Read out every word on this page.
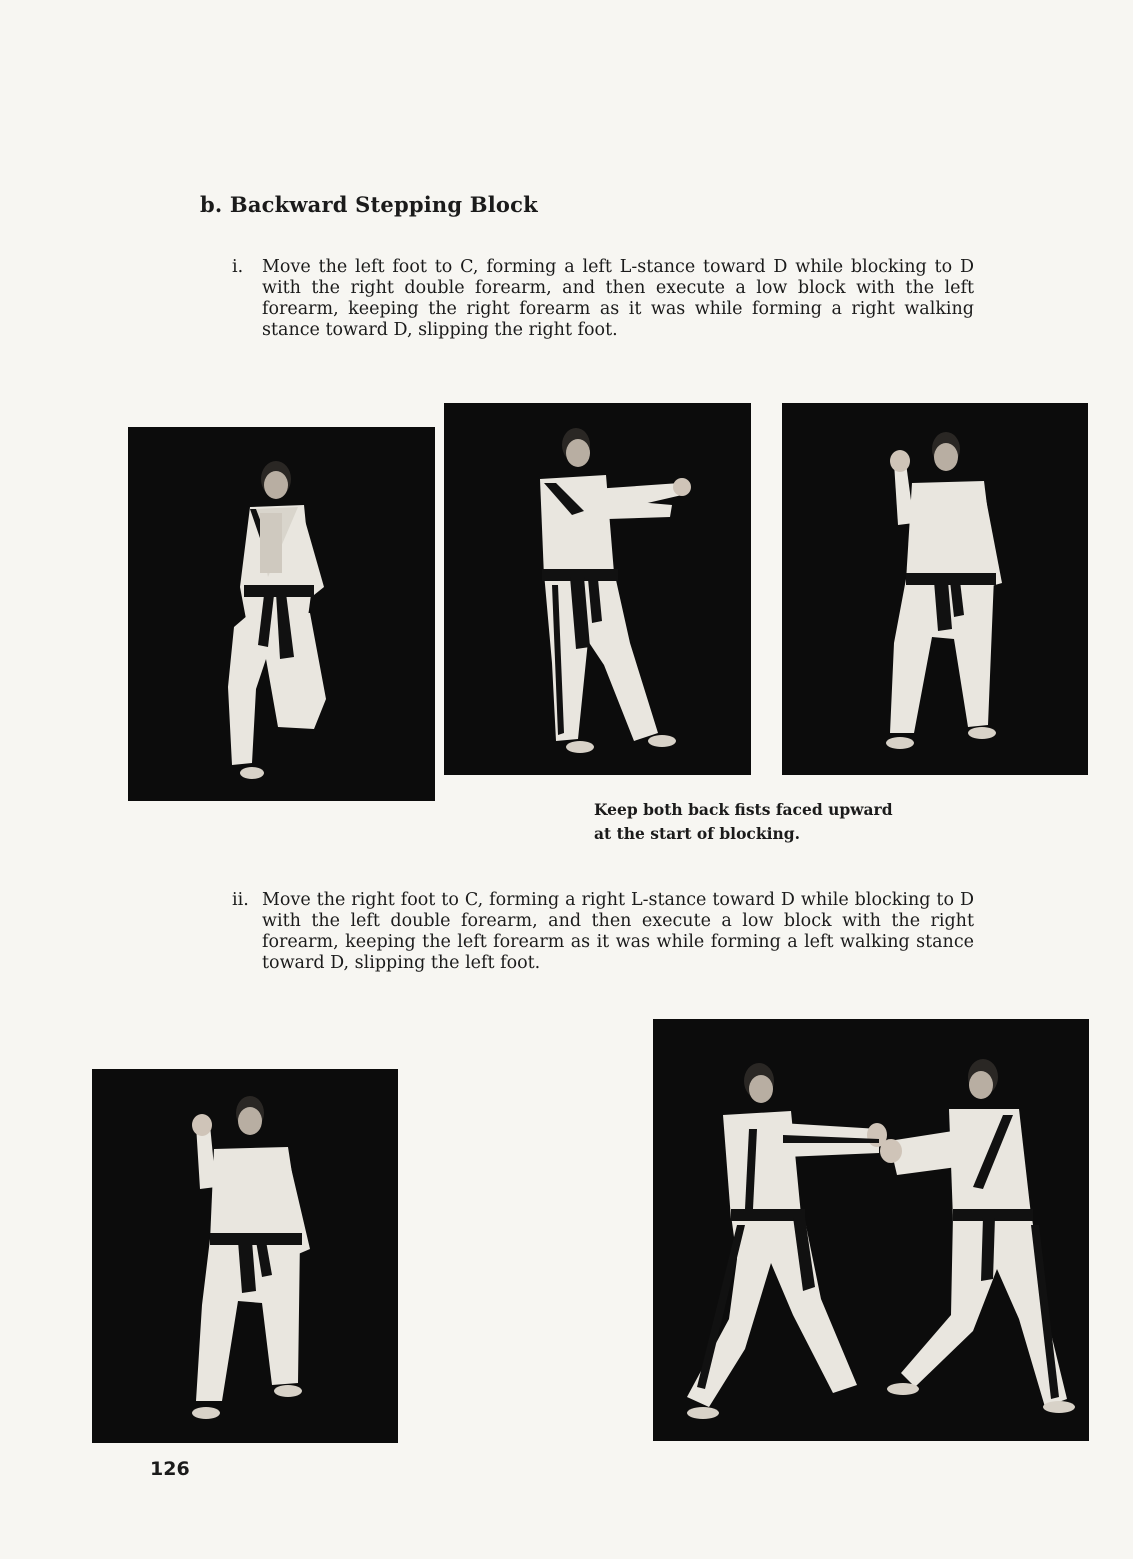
b. Backward Stepping Block
i.	Move the left foot to C, forming a left L-stance toward D while blocking to D with the right double forearm, and then execute a low block with the left forearm, keeping the right forearm as it was while forming a right walking stance toward D, slipping the right foot.
Keep both back fists faced upward
at the start of blocking.
ii. Move the right foot to C, forming a right L-stance toward D while blocking to D with the left double forearm, and then execute a low block with the right forearm, keeping the left forearm as it was while forming a left walking stance toward D, slipping the left foot.
126
